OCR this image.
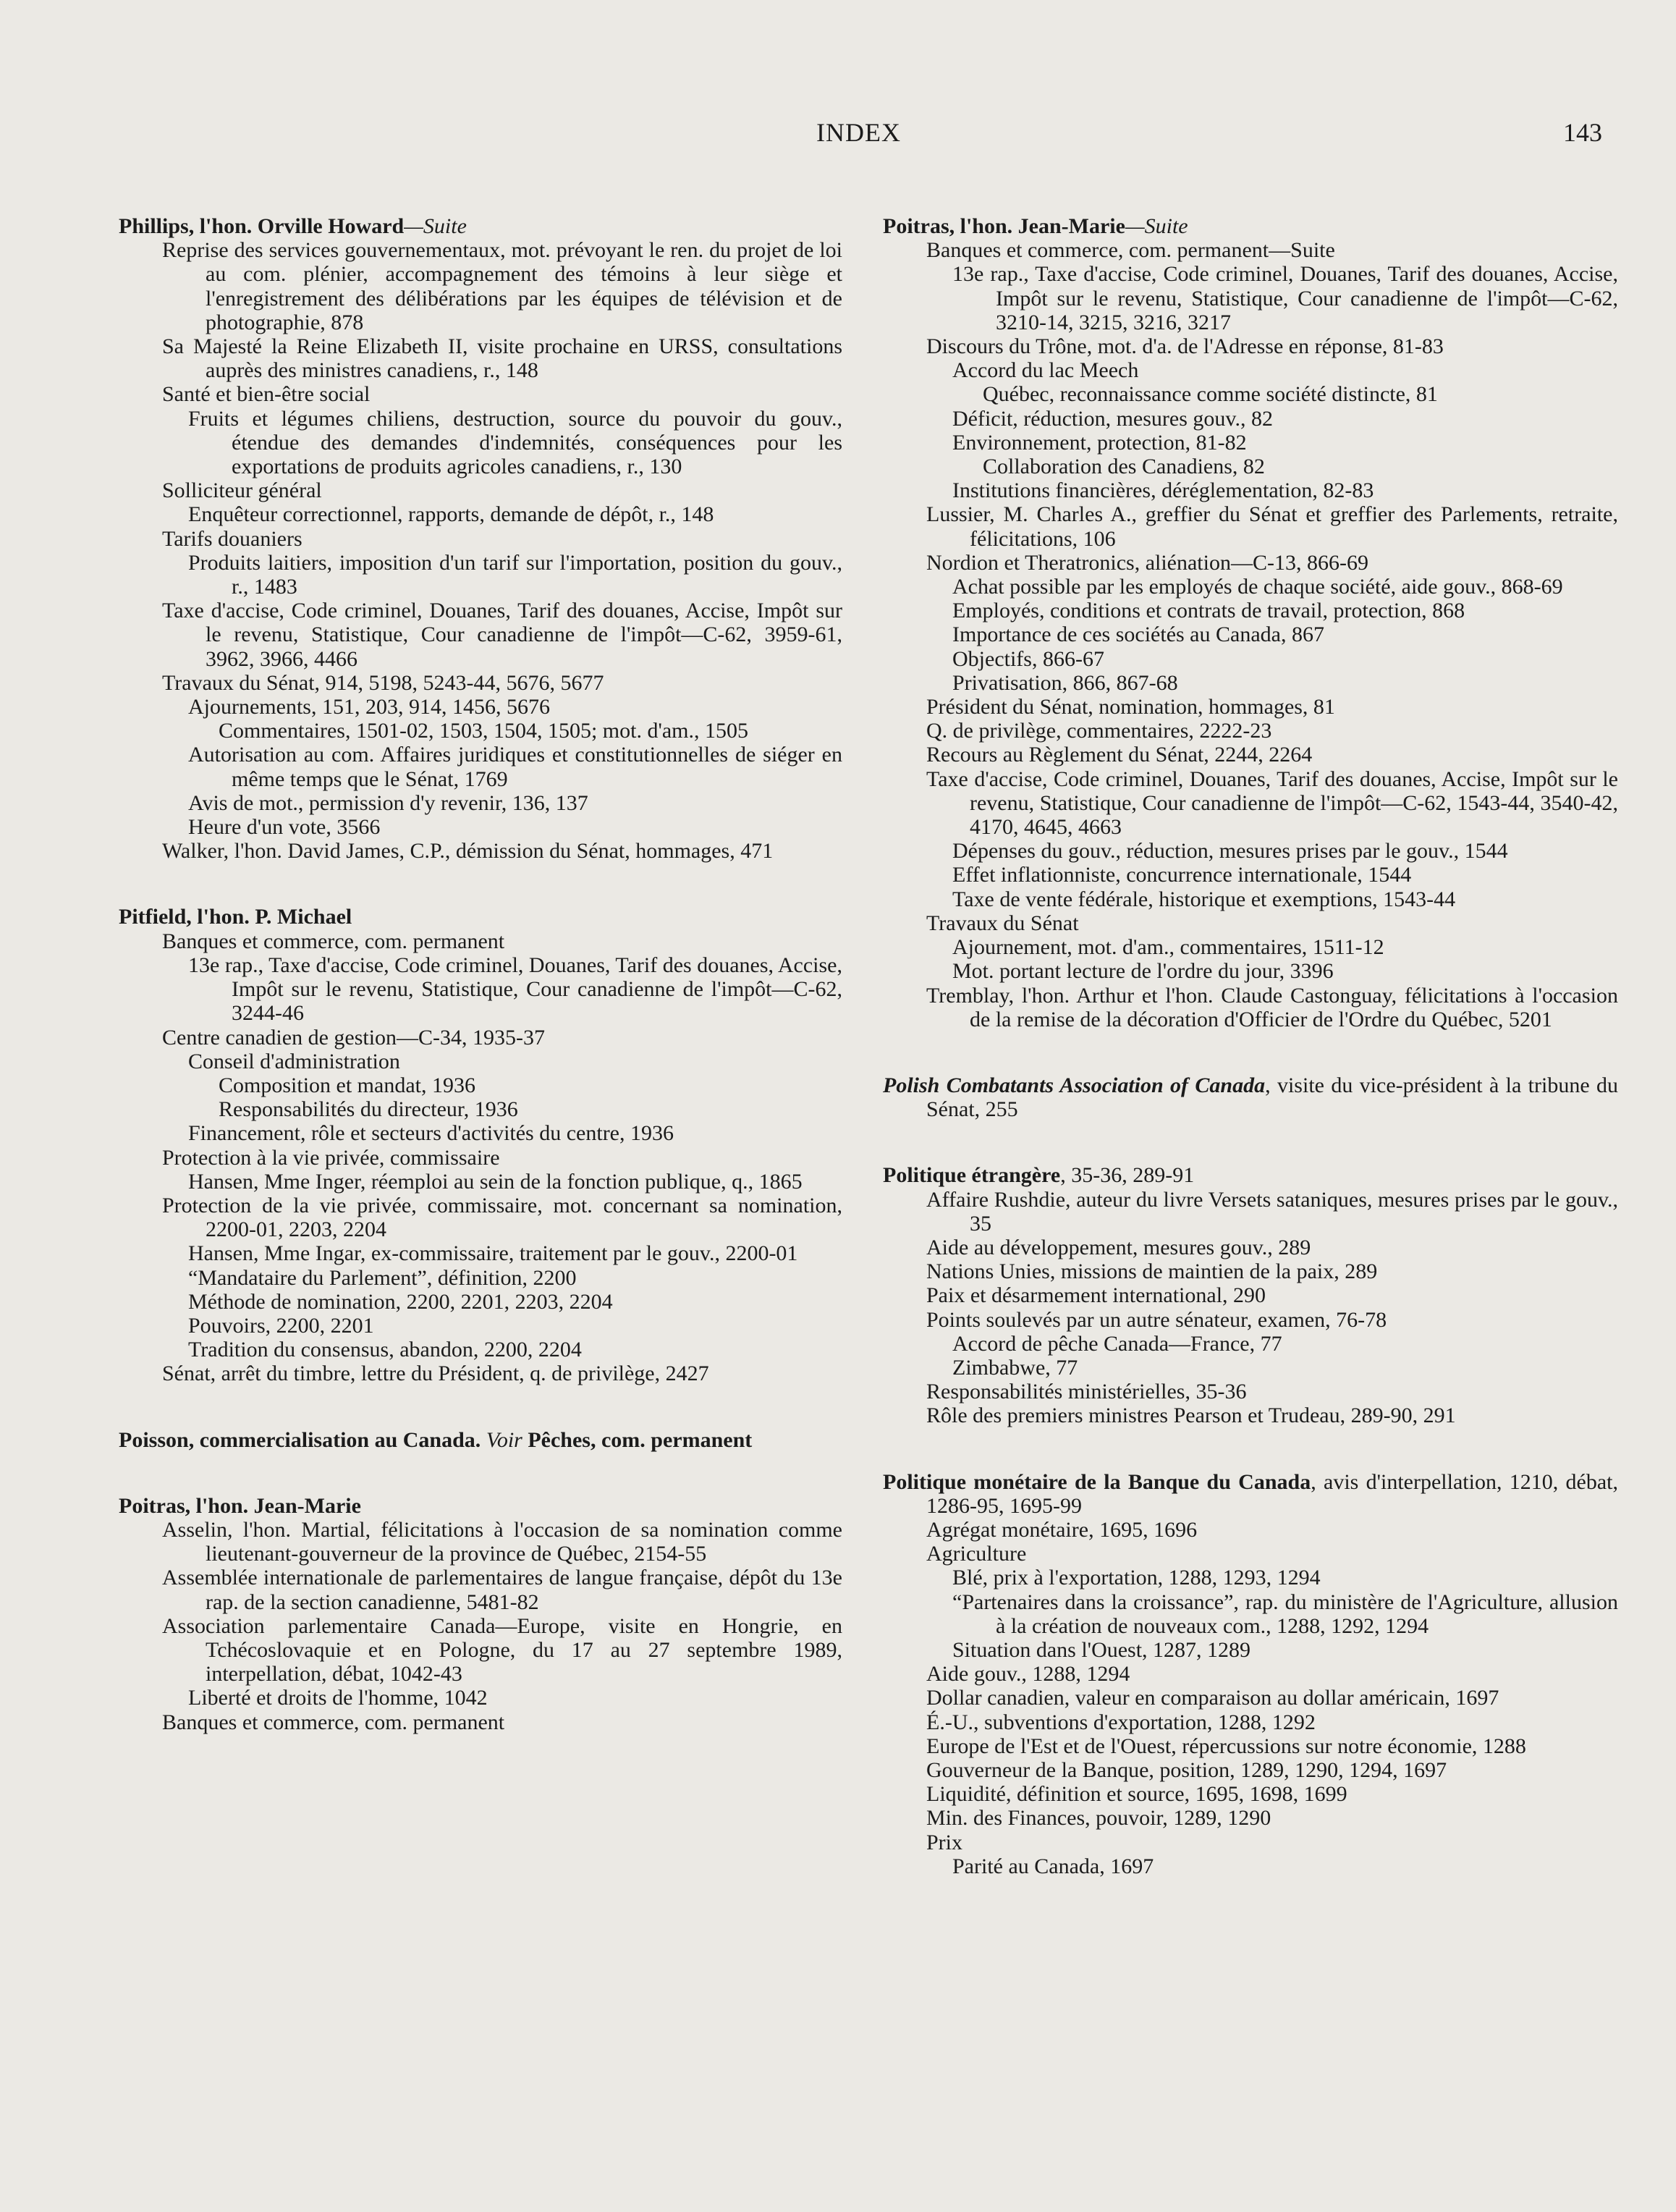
INDEX	143
Phillips, l'hon. Orville Howard—Suite
Reprise des services gouvernementaux, mot. prévoyant le ren. du projet de loi au com. plénier, accompagnement des témoins à leur siège et l'enregistrement des délibérations par les équipes de télévision et de photographie, 878
Sa Majesté la Reine Elizabeth II, visite prochaine en URSS, consultations auprès des ministres canadiens, r., 148
Santé et bien-être social
Fruits et légumes chiliens, destruction, source du pouvoir du gouv., étendue des demandes d'indemnités, conséquences pour les exportations de produits agricoles canadiens, r., 130
Solliciteur général
Enquêteur correctionnel, rapports, demande de dépôt, r., 148
Tarifs douaniers
Produits laitiers, imposition d'un tarif sur l'importation, position du gouv., r., 1483
Taxe d'accise, Code criminel, Douanes, Tarif des douanes, Accise, Impôt sur le revenu, Statistique, Cour canadienne de l'impôt—C-62, 3959-61, 3962, 3966, 4466
Travaux du Sénat, 914, 5198, 5243-44, 5676, 5677
Ajournements, 151, 203, 914, 1456, 5676
Commentaires, 1501-02, 1503, 1504, 1505; mot. d'am., 1505
Autorisation au com. Affaires juridiques et constitutionnelles de siéger en même temps que le Sénat, 1769
Avis de mot., permission d'y revenir, 136, 137
Heure d'un vote, 3566
Walker, l'hon. David James, C.P., démission du Sénat, hommages, 471
Pitfield, l'hon. P. Michael
Banques et commerce, com. permanent
13e rap., Taxe d'accise, Code criminel, Douanes, Tarif des douanes, Accise, Impôt sur le revenu, Statistique, Cour canadienne de l'impôt—C-62, 3244-46
Centre canadien de gestion—C-34, 1935-37
Conseil d'administration
Composition et mandat, 1936
Responsabilités du directeur, 1936
Financement, rôle et secteurs d'activités du centre, 1936
Protection à la vie privée, commissaire
Hansen, Mme Inger, réemploi au sein de la fonction publique, q., 1865
Protection de la vie privée, commissaire, mot. concernant sa nomination, 2200-01, 2203, 2204
Hansen, Mme Ingar, ex-commissaire, traitement par le gouv., 2200-01
“Mandataire du Parlement”, définition, 2200
Méthode de nomination, 2200, 2201, 2203, 2204
Pouvoirs, 2200, 2201
Tradition du consensus, abandon, 2200, 2204
Sénat, arrêt du timbre, lettre du Président, q. de privilège, 2427
Poisson, commercialisation au Canada. Voir Pêches, com. permanent
Poitras, l'hon. Jean-Marie
Asselin, l'hon. Martial, félicitations à l'occasion de sa nomination comme lieutenant-gouverneur de la province de Québec, 2154-55
Assemblée internationale de parlementaires de langue française, dépôt du 13e rap. de la section canadienne, 5481-82
Association parlementaire Canada—Europe, visite en Hongrie, en Tchécoslovaquie et en Pologne, du 17 au 27 septembre 1989, interpellation, débat, 1042-43
Liberté et droits de l'homme, 1042
Banques et commerce, com. permanent
Poitras, l'hon. Jean-Marie—Suite
Banques et commerce, com. permanent—Suite
13e rap., Taxe d'accise, Code criminel, Douanes, Tarif des douanes, Accise, Impôt sur le revenu, Statistique, Cour canadienne de l'impôt—C-62, 3210-14, 3215, 3216, 3217
Discours du Trône, mot. d'a. de l'Adresse en réponse, 81-83
Accord du lac Meech
Québec, reconnaissance comme société distincte, 81
Déficit, réduction, mesures gouv., 82
Environnement, protection, 81-82
Collaboration des Canadiens, 82
Institutions financières, déréglementation, 82-83
Lussier, M. Charles A., greffier du Sénat et greffier des Parlements, retraite, félicitations, 106
Nordion et Theratronics, aliénation—C-13, 866-69
Achat possible par les employés de chaque société, aide gouv., 868-69
Employés, conditions et contrats de travail, protection, 868
Importance de ces sociétés au Canada, 867
Objectifs, 866-67
Privatisation, 866, 867-68
Président du Sénat, nomination, hommages, 81
Q. de privilège, commentaires, 2222-23
Recours au Règlement du Sénat, 2244, 2264
Taxe d'accise, Code criminel, Douanes, Tarif des douanes, Accise, Impôt sur le revenu, Statistique, Cour canadienne de l'impôt—C-62, 1543-44, 3540-42, 4170, 4645, 4663
Dépenses du gouv., réduction, mesures prises par le gouv., 1544
Effet inflationniste, concurrence internationale, 1544
Taxe de vente fédérale, historique et exemptions, 1543-44
Travaux du Sénat
Ajournement, mot. d'am., commentaires, 1511-12
Mot. portant lecture de l'ordre du jour, 3396
Tremblay, l'hon. Arthur et l'hon. Claude Castonguay, félicitations à l'occasion de la remise de la décoration d'Officier de l'Ordre du Québec, 5201
Polish Combatants Association of Canada, visite du vice-président à la tribune du Sénat, 255
Politique étrangère, 35-36, 289-91
Affaire Rushdie, auteur du livre Versets sataniques, mesures prises par le gouv., 35
Aide au développement, mesures gouv., 289
Nations Unies, missions de maintien de la paix, 289
Paix et désarmement international, 290
Points soulevés par un autre sénateur, examen, 76-78
Accord de pêche Canada—France, 77
Zimbabwe, 77
Responsabilités ministérielles, 35-36
Rôle des premiers ministres Pearson et Trudeau, 289-90, 291
Politique monétaire de la Banque du Canada, avis d'interpellation, 1210, débat, 1286-95, 1695-99
Agrégat monétaire, 1695, 1696
Agriculture
Blé, prix à l'exportation, 1288, 1293, 1294
“Partenaires dans la croissance”, rap. du ministère de l'Agriculture, allusion à la création de nouveaux com., 1288, 1292, 1294
Situation dans l'Ouest, 1287, 1289
Aide gouv., 1288, 1294
Dollar canadien, valeur en comparaison au dollar américain, 1697
É.-U., subventions d'exportation, 1288, 1292
Europe de l'Est et de l'Ouest, répercussions sur notre économie, 1288
Gouverneur de la Banque, position, 1289, 1290, 1294, 1697
Liquidité, définition et source, 1695, 1698, 1699
Min. des Finances, pouvoir, 1289, 1290
Prix
Parité au Canada, 1697
